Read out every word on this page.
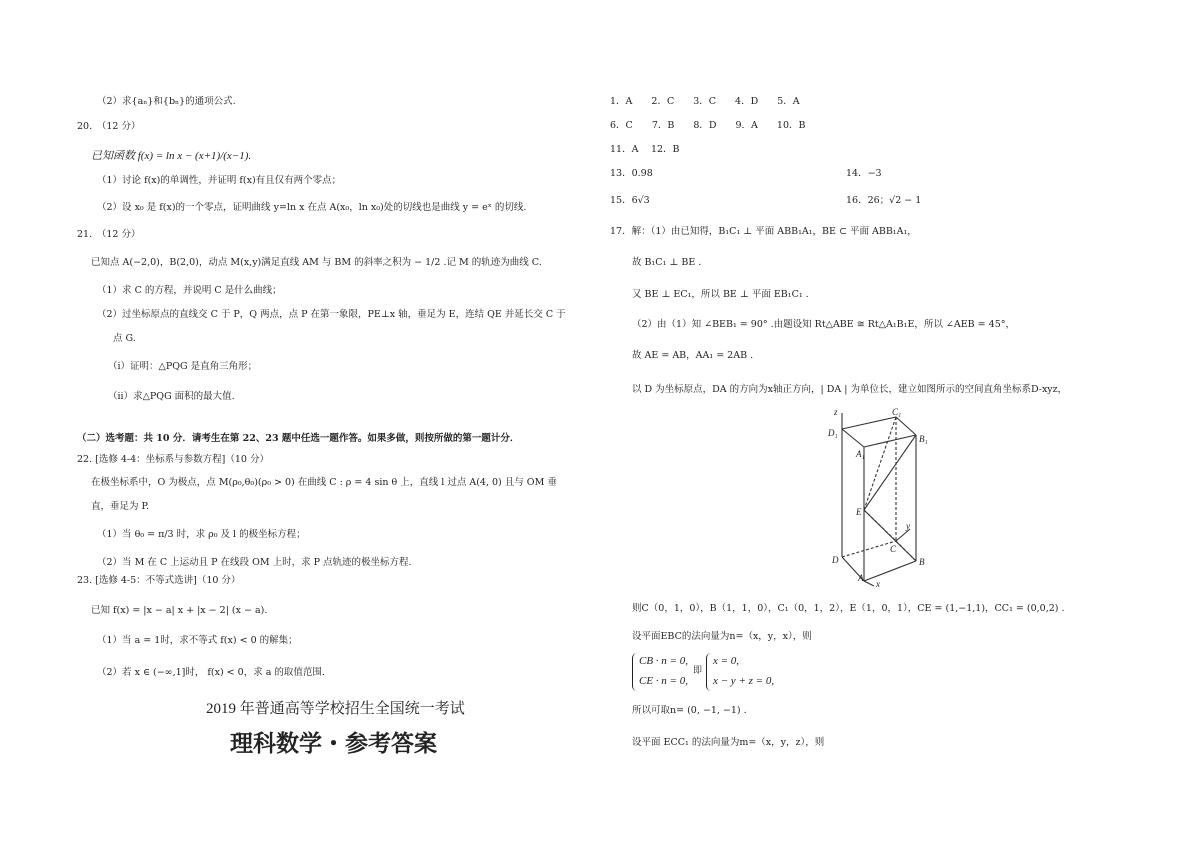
（2）求{aₙ}和{bₙ}的通项公式.
20.　（12 分）
已知函数 f(x) = ln x − (x+1)/(x−1).
（1）讨论 f(x)的单调性，并证明 f(x)有且仅有两个零点；
（2）设 x₀ 是 f(x)的一个零点，证明曲线 y=ln x 在点 A(x₀，ln x₀)处的切线也是曲线 y = eˣ 的切线.
21.　（12 分）
已知点 A(−2,0)，B(2,0)，动点 M(x,y)满足直线 AM 与 BM 的斜率之积为 − 1/2 .记 M 的轨迹为曲线 C.
（1）求 C 的方程，并说明 C 是什么曲线；
（2）过坐标原点的直线交 C 于 P，Q 两点，点 P 在第一象限，PE⊥x 轴，垂足为 E，连结 QE 并延长交 C 于
点 G.
（i）证明：△PQG 是直角三角形；
（ii）求△PQG 面积的最大值.
（二）选考题：共 10 分．请考生在第 22、23 题中任选一题作答。如果多做，则按所做的第一题计分．
22. [选修 4-4：坐标系与参数方程]（10 分）
在极坐标系中，O 为极点，点 M(ρ₀,θ₀)(ρ₀ > 0) 在曲线 C : ρ = 4 sin θ 上，直线 l 过点 A(4, 0) 且与 OM 垂
直，垂足为 P.
（1）当 θ₀ = π/3 时，求 ρ₀ 及 l 的极坐标方程；
（2）当 M 在 C 上运动且 P 在线段 OM 上时，求 P 点轨迹的极坐标方程.
23. [选修 4-5：不等式选讲]（10 分）
已知 f(x) = |x − a| x + |x − 2| (x − a).
（1）当 a = 1时，求不等式 f(x) < 0 的解集；
（2）若 x ∈ (−∞,1]时， f(x) < 0，求 a 的取值范围.
2019 年普通高等学校招生全国统一考试
理科数学・参考答案
1．A　　2．C　　3．C　　4．D　　5．A
6．C　　7．B　　8．D　　9．A　　10．B
11．A　 12．B
13．0.98	14．−3
15．6√3	16．26；√2 − 1
17．解：（1）由已知得，B₁C₁ ⊥ 平面 ABB₁A₁，BE ⊂ 平面 ABB₁A₁，
故 B₁C₁ ⊥ BE .
又 BE ⊥ EC₁，所以 BE ⊥ 平面 EB₁C₁ .
（2）由（1）知 ∠BEB₁ = 90° .由题设知 Rt△ABE ≅ Rt△A₁B₁E，所以 ∠AEB = 45°，
故 AE = AB，AA₁ = 2AB .
以 D 为坐标原点，DA 的方向为x轴正方向，| DA | 为单位长，建立如图所示的空间直角坐标系D-xyz，
z	C₁
D₁
B₁
A₁
E
y
C
D	B
A
x
则C（0，1，0），B（1，1，0），C₁（0，1，2），E（1，0，1），CE = (1,−1,1)，CC₁ = (0,0,2) .
设平面EBC的法向量为n=（x，y，x），则
CB · n = 0,
CE · n = 0,
即
x = 0,
x − y + z = 0,
所以可取n= (0, −1, −1) .
设平面 ECC₁ 的法向量为m=（x，y，z），则
